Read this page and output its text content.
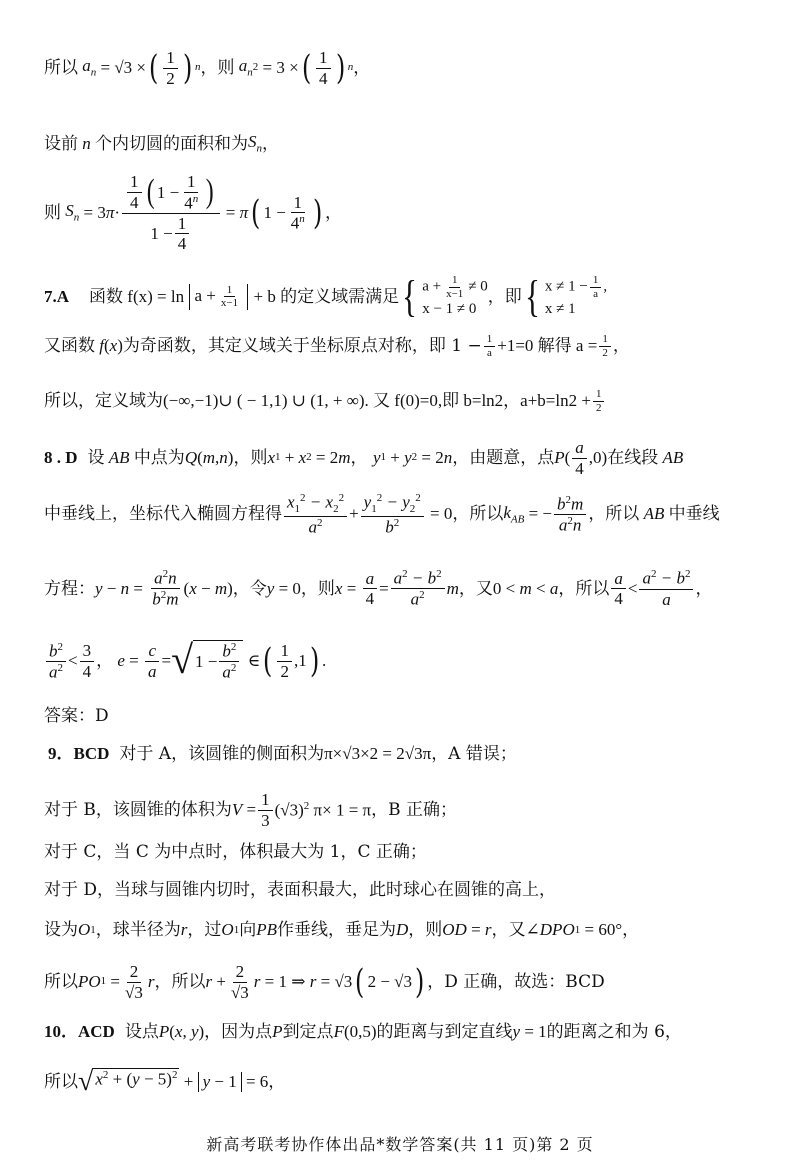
所以 $a_n = √3$ × ( $\frac{1}{2}$ ) n ，则 $a_n$ 2 = 3 × ( $\frac{1}{4}$ ) n ，
设前 n 个内切圆的面积和为 $S_n$ ，
则 $S_n = 3$ $\pi \cdot \frac{\frac{1}{4} ( 1 - \frac{1}{4^n} )}{1 - \frac{1}{4}} = \pi$ ( $1 - \frac{1}{4^n}$ ) ，
7.A 函数 f(x) = ln
$a + \frac{1}{x-1}$
+ b 的定义域需满足 { $a + \frac{1}{x-1} \ne 0$
x − 1 ≠ 0
，即 { $x \ne 1 - \frac{1}{a}$ ,
x ≠ 1
又函数 f ( x ) 为奇函数，其定义域关于坐标原点对称，即 $1 - \frac{1}{a} +1=0$ 解得 $a = \frac{1}{2}$ ，
所以，定义域为(−∞,−1)∪ ( − 1,1) ∪ (1, + ∞). 又 f(0)=0,即 b=ln2，$a+b=\ln 2 + \frac{1}{2}$
8 . D 设 AB 中点为 Q ( m , n ) ，则 x 1 + x 2 = 2 m ，
y 1 + y 2 = 2 n ，由题意，点 P ( $\frac{a}{4} ,0$) 在线段 AB
中垂线上，坐标代入椭圆方程得 $\frac{x_1^2 - x_2^2}{a^2} + \frac{y_1^2 - y_2^2}{b^2} = 0$ ，所以 $k_{AB}$ = − $\frac{b^2m}{a^2n}$ ，所以 AB 中垂线
方程： $y - n = \frac{a^2n}{b^2m}$ ( x − m ) ，令 y = 0 ，则 $x = \frac{a}{4} = \frac{a^2 - b^2}{a^2}$ m ，又 0 < m < a ，所以 $\frac{a}{4} < \frac{a^2 - b^2}{a}$ ，
$\frac{b^2}{a^2} < \frac{3}{4}$ ， $e = \frac{c}{a}$ = √ $1 - \frac{b^2}{a^2}$ ∈ ( $\frac{1}{2} ,1$ ) .
答案：D
9．BCD 对于 A，该圆锥的侧面积为 π×√3×2 = 2√3π ，A 错误；
对于 B，该圆锥的体积为 $V = \frac{1}{3} (√3)^2$ π× 1 = π ，B 正确；
对于 C，当 C 为中点时，体积最大为 1，C 正确；
对于 D，当球与圆锥内切时，表面积最大，此时球心在圆锥的高上，
设为 O 1 ，球半径为 r ，过 O 1 向 PB 作垂线，垂足为 D ，则 OD = r ，又 ∠ DPO 1 = 60° ，
所以 PO $1 = \frac{2}{√3}$ r ，所以 $r + \frac{2}{√3}$ r = 1 ⇒ r = √3 ( 2 − √3 ) ，D 正确，故选：BCD
10．ACD 设点 P ( x , y ) ，因为点 P 到定点 F (0,5) 的距离与到定直线 y = 1 的距离之和为 6，
所以 √ $x^2 + (y - 5)^2 + y - 1 = 6$ ，
新高考联考协作体出品*数学答案(共 11 页)第 2 页
